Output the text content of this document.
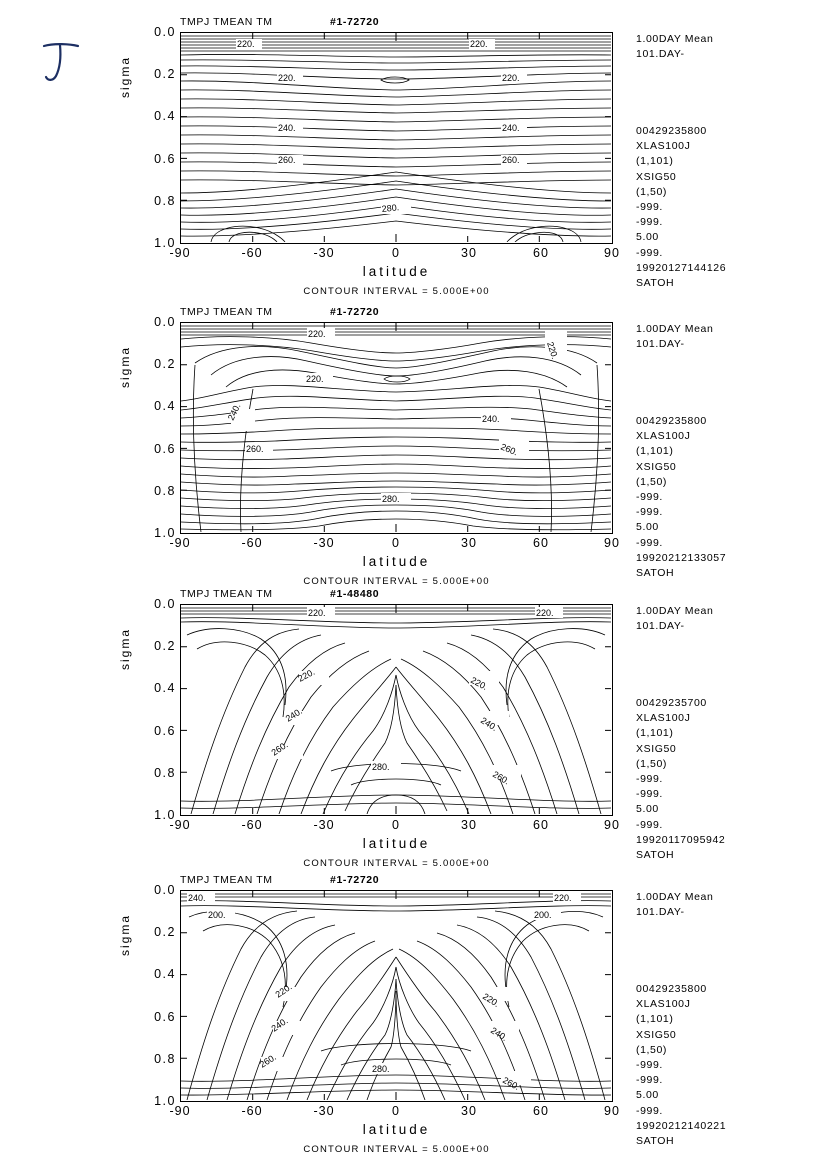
TMPJ TMEAN TM	#1-72720
sigma
0.0
0.2
0.4
0.6
0.8
1.0
220.	220.
220.	220.
240.	240.
260.	260.
280.
-90	-60	-30	0	30	60	90
latitude
CONTOUR INTERVAL = 5.000E+00
1.00DAY Mean
101.DAY-
00429235800
XLAS100J
(1,101)
XSIG50
(1,50)
-999.
-999.
5.00
-999.
19920127144126
SATOH
TMPJ TMEAN TM	#1-72720
sigma
0.0
0.2
0.4
0.6
0.8
1.0
220.
220.
220.
240.	240.
260.	260.
280.
-90	-60	-30	0	30	60	90
latitude
CONTOUR INTERVAL = 5.000E+00
1.00DAY Mean
101.DAY-
00429235800
XLAS100J
(1,101)
XSIG50
(1,50)
-999.
-999.
5.00
-999.
19920212133057
SATOH
TMPJ TMEAN TM	#1-48480
sigma
0.0
0.2
0.4
0.6
0.8
1.0
220.	220.
220.	220.
240.
240.
260.
260.
280.
-90	-60	-30	0	30	60	90
latitude
CONTOUR INTERVAL = 5.000E+00
1.00DAY Mean
101.DAY-
00429235700
XLAS100J
(1,101)
XSIG50
(1,50)
-999.
-999.
5.00
-999.
19920117095942
SATOH
TMPJ TMEAN TM	#1-72720
sigma
0.0
0.2
0.4
0.6
0.8
1.0
240.	220.
200.	200.
220.
220.
240.
240.
260.
260.
280.
-90	-60	-30	0	30	60	90
latitude
CONTOUR INTERVAL = 5.000E+00
1.00DAY Mean
101.DAY-
00429235800
XLAS100J
(1,101)
XSIG50
(1,50)
-999.
-999.
5.00
-999.
19920212140221
SATOH
